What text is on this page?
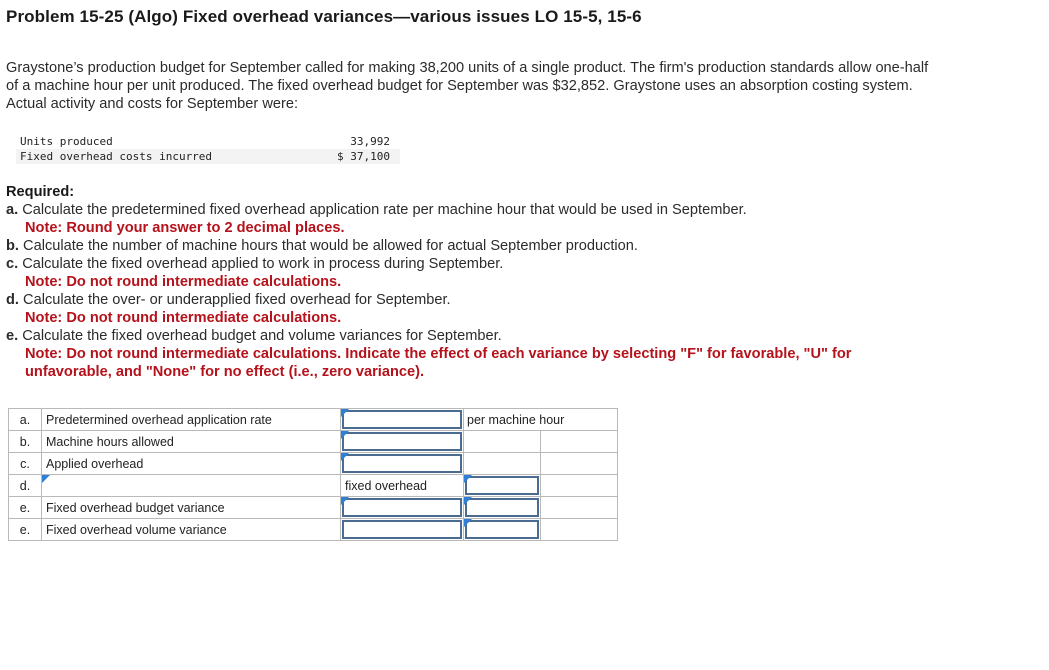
Problem 15-25 (Algo) Fixed overhead variances—various issues LO 15-5, 15-6

Graystone’s production budget for September called for making 38,200 units of a single product. The firm's production standards allow one-half of a machine hour per unit produced. The fixed overhead budget for September was $32,852. Graystone uses an absorption costing system. Actual activity and costs for September were:

Units produced	33,992
Fixed overhead costs incurred	$ 37,100
Required:
a. Calculate the predetermined fixed overhead application rate per machine hour that would be used in September.
Note: Round your answer to 2 decimal places.
b. Calculate the number of machine hours that would be allowed for actual September production.
c. Calculate the fixed overhead applied to work in process during September.
Note: Do not round intermediate calculations.
d. Calculate the over- or underapplied fixed overhead for September.
Note: Do not round intermediate calculations.
e. Calculate the fixed overhead budget and volume variances for September.
Note: Do not round intermediate calculations. Indicate the effect of each variance by selecting "F" for favorable, "U" for unfavorable, and "None" for no effect (i.e., zero variance).
a.	Predetermined overhead application rate		per machine hour	
b.	Machine hours allowed	

c.	Applied overhead	

d.		fixed overhead	

e.	Fixed overhead budget variance	

e.	Fixed overhead volume variance	
